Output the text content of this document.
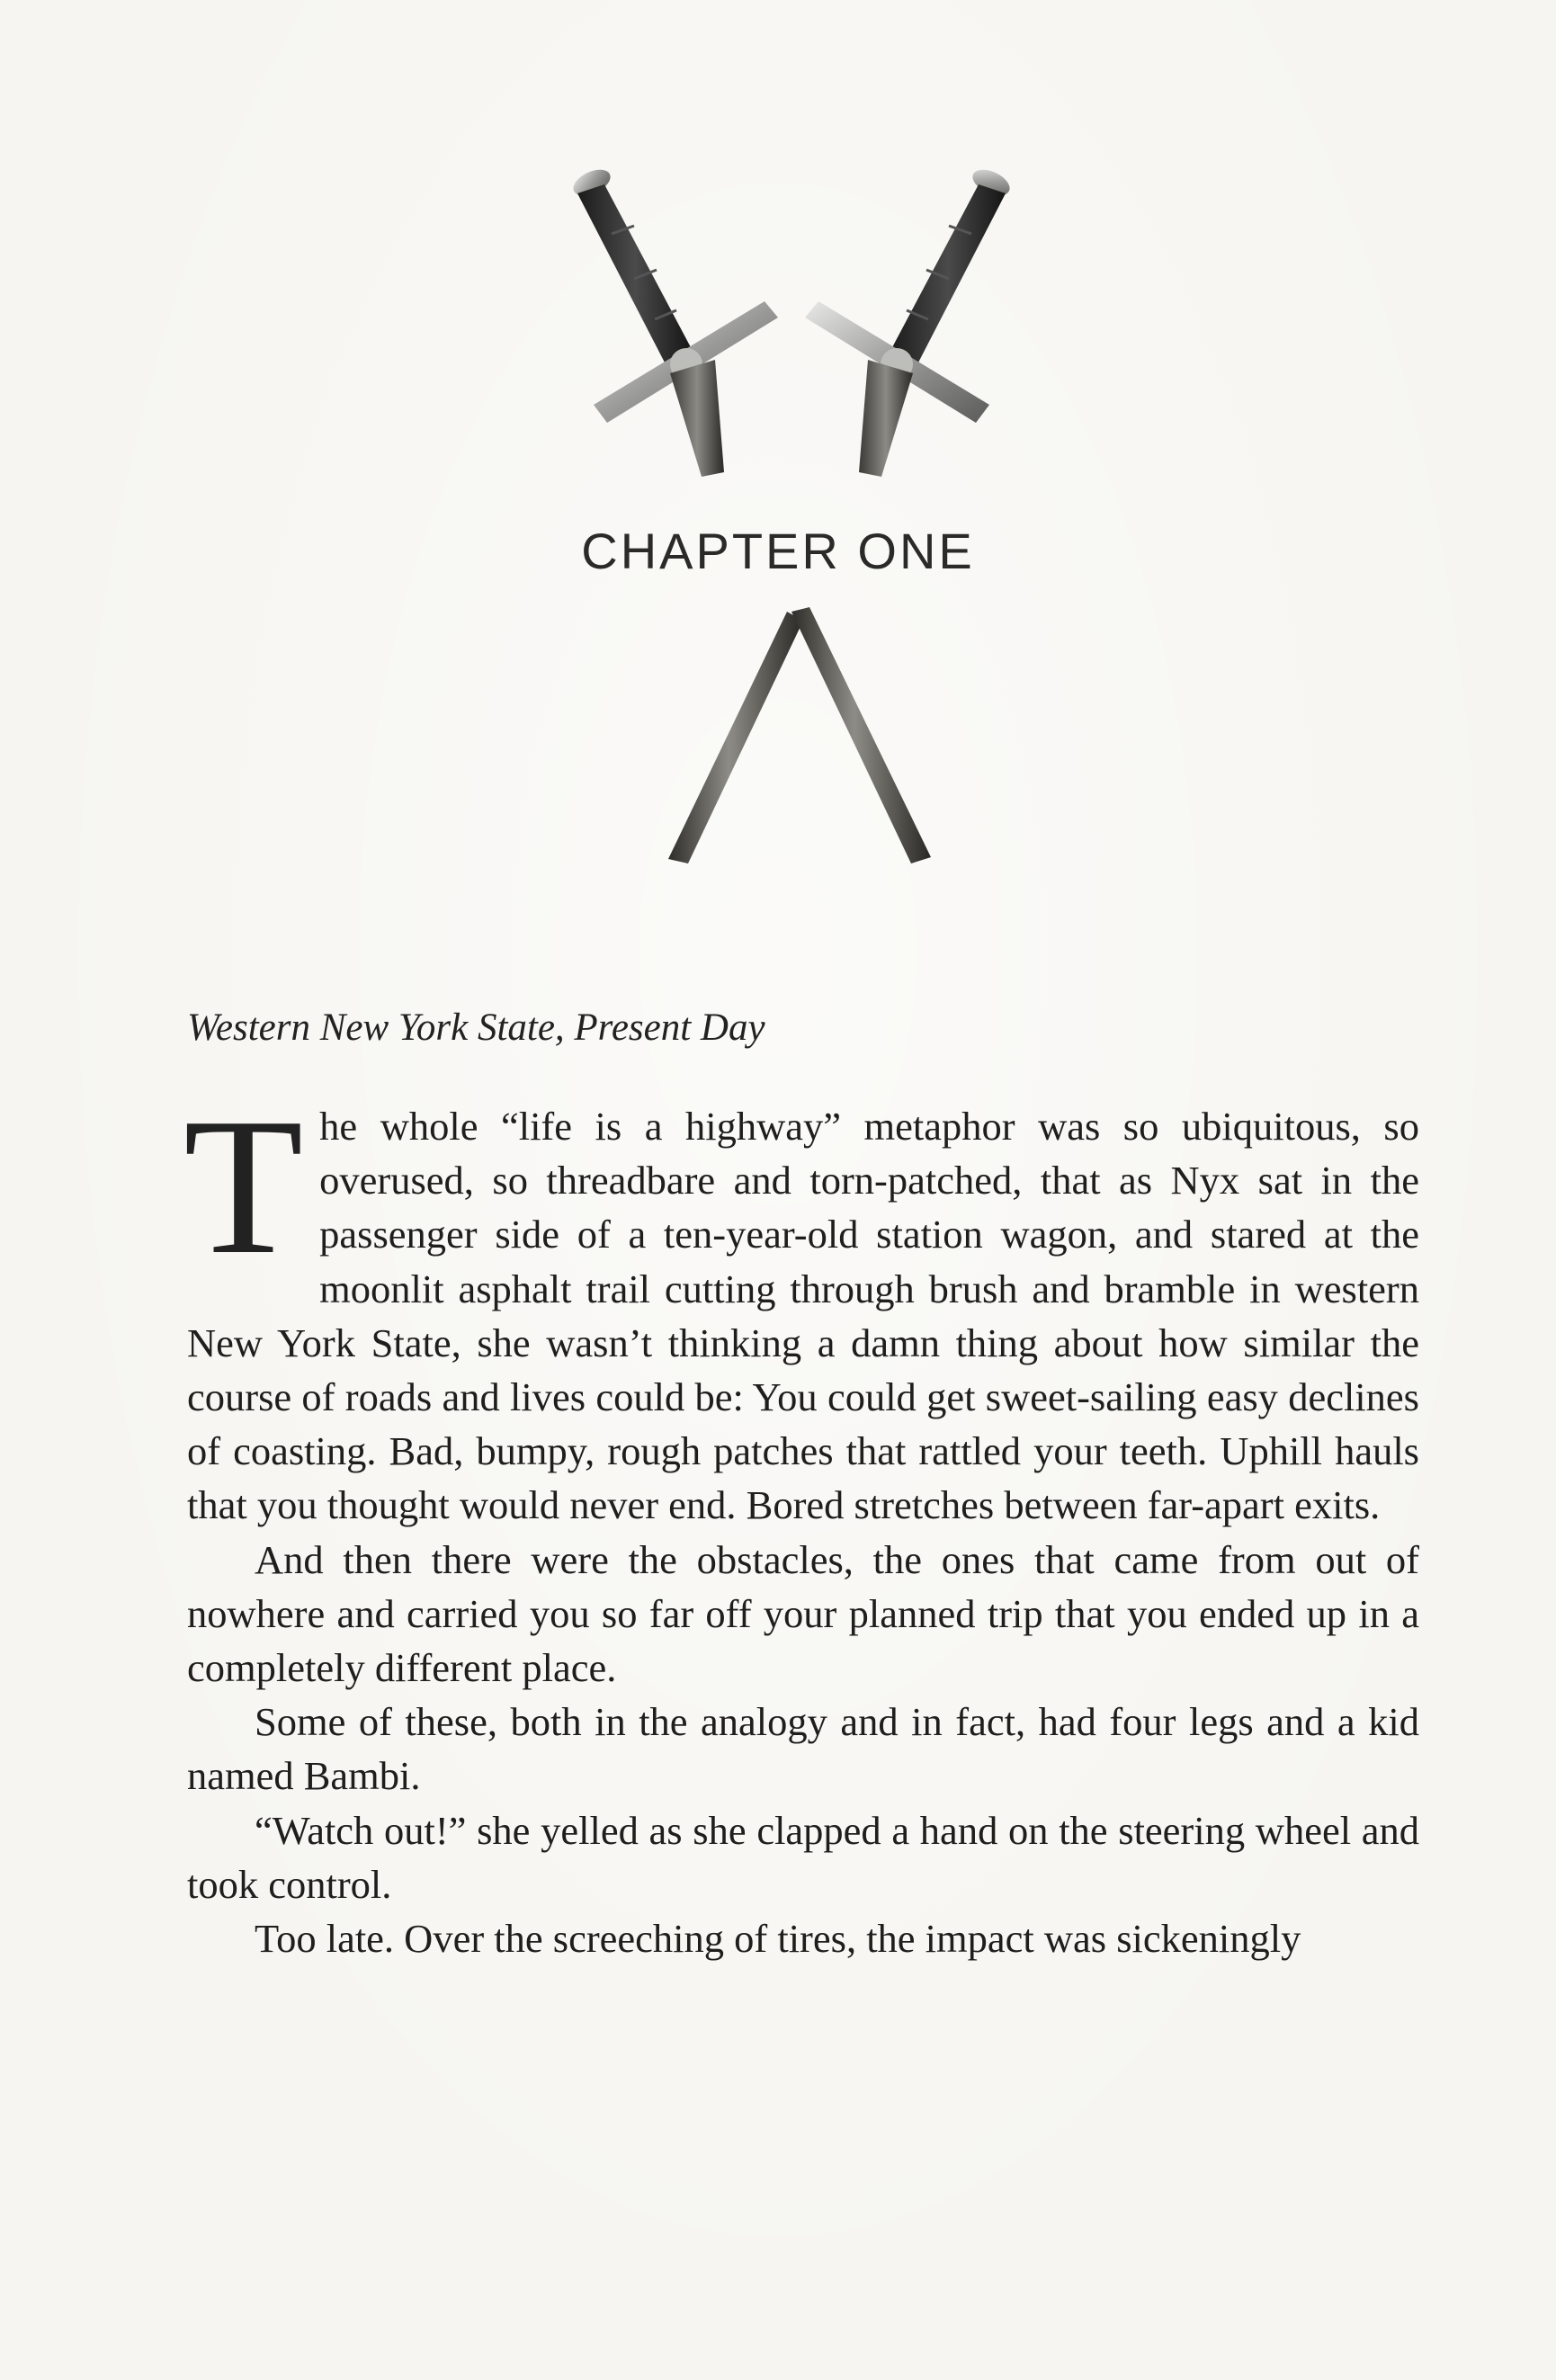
CHAPTER ONE
Western New York State, Present Day

The whole “life is a highway” metaphor was so ubiquitous, so overused, so threadbare and torn-patched, that as Nyx sat in the passenger side of a ten-year-old station wagon, and stared at the moonlit asphalt trail cutting through brush and bramble in western New York State, she wasn’t thinking a damn thing about how similar the course of roads and lives could be: You could get sweet-sailing easy declines of coasting. Bad, bumpy, rough patches that rattled your teeth. Uphill hauls that you thought would never end. Bored stretches between far-apart exits.

And then there were the obstacles, the ones that came from out of nowhere and carried you so far off your planned trip that you ended up in a completely different place.

Some of these, both in the analogy and in fact, had four legs and a kid named Bambi.

“Watch out!” she yelled as she clapped a hand on the steering wheel and took control.

Too late. Over the screeching of tires, the impact was sickeningly
